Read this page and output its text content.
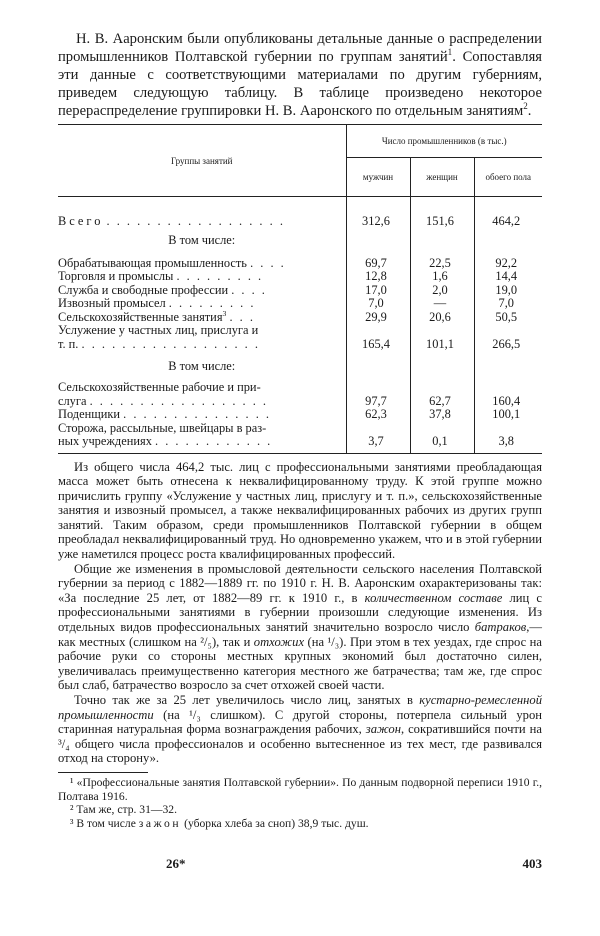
Н. В. Аaронским были опубликованы детальные данные о распределении промышленников Полтавской губернии по группам занятий$^1$. Сопоставляя эти данные с соответствующими материалами по другим губерниям, приведем следующую таблицу. В таблице произведено некоторое перераспределение группировки Н. В. Аaронского по отдельным занятиям$^2$.

Группы занятий	Число промышленников (в тыс.)		
	мужчин	женщин	обоего пола
Всего . . . . . . . . . . . . . . . . . .	312,6	151,6	464,2
В том числе:			
Обрабатывающая промышленность . . . .	69,7	22,5	92,2
Торговля и промыслы . . . . . . . . .	12,8	1,6	14,4
Служба и свободные профессии . . . .	17,0	2,0	19,0
Извозный промысел . . . . . . . . .	7,0	—	7,0
Сельскохозяйственные занятия$^3$ . . .	29,9	20,6	50,5

Услужение у частных лиц, прислуга и
т. п. . . . . . . . . . . . . . . . . . .	165,4	101,1	266,5
В том числе:			

Сельскохозяйственные рабочие и при-
слуга . . . . . . . . . . . . . . . . . .	97,7	62,7	160,4
Поденщики . . . . . . . . . . . . . . .	62,3	37,8	100,1

Сторожа, рассыльные, швейцары в раз-
ных учреждениях . . . . . . . . . . . .	3,7	0,1	3,8

Из общего числа 464,2 тыс. лиц с профессиональными занятиями преобладающая масса может быть отнесена к неквалифицированному труду. К этой группе можно причислить группу «Услужение у частных лиц, прислугу и т. п.», сельскохозяйственные занятия и извозный промысел, а также неквалифицированных рабочих из других групп занятий. Таким образом, среди промышленников Полтавской губернии в общем преобладал неквалифицированный труд. Но одновременно укажем, что и в этой губернии уже наметился процесс роста квалифицированных профессий.

Общие же изменения в промысловой деятельности сельского населения Полтавской губернии за период с 1882—1889 гг. по 1910 г. Н. В. Аaронским охарактеризованы так: «За последние 25 лет, от 1882—89 гг. к 1910 г., в количественном составе лиц с профессиональными занятиями в губернии произошли следующие изменения. Из отдельных видов профессиональных занятий значительно возросло число батраков,— как местных (слишком на ²/₅), так и отхожих (на ¹/₃). При этом в тех уездах, где спрос на рабочие руки со стороны местных крупных экономий был достаточно силен, увеличивалась преимущественно категория местного же батрачества; там же, где спрос был слаб, батрачество возросло за счет отхожей своей части.

Точно так же за 25 лет увеличилось число лиц, занятых в кустарно-ремесленной промышленности (на ¹/₃ слишком). С другой стороны, потерпела сильный урон старинная натуральная форма вознаграждения рабочих, зажон, сократившийся почти на ³/₄ общего числа профессионалов и особенно вытесненное из тех мест, где развивался отход на сторону».

¹ «Профессиональные занятия Полтавской губернии». По данным подворной переписи 1910 г., Полтава 1916.

² Там же, стр. 31—32.

³ В том числе зажон (уборка хлеба за сноп) 38,9 тыс. душ.

26*	403
